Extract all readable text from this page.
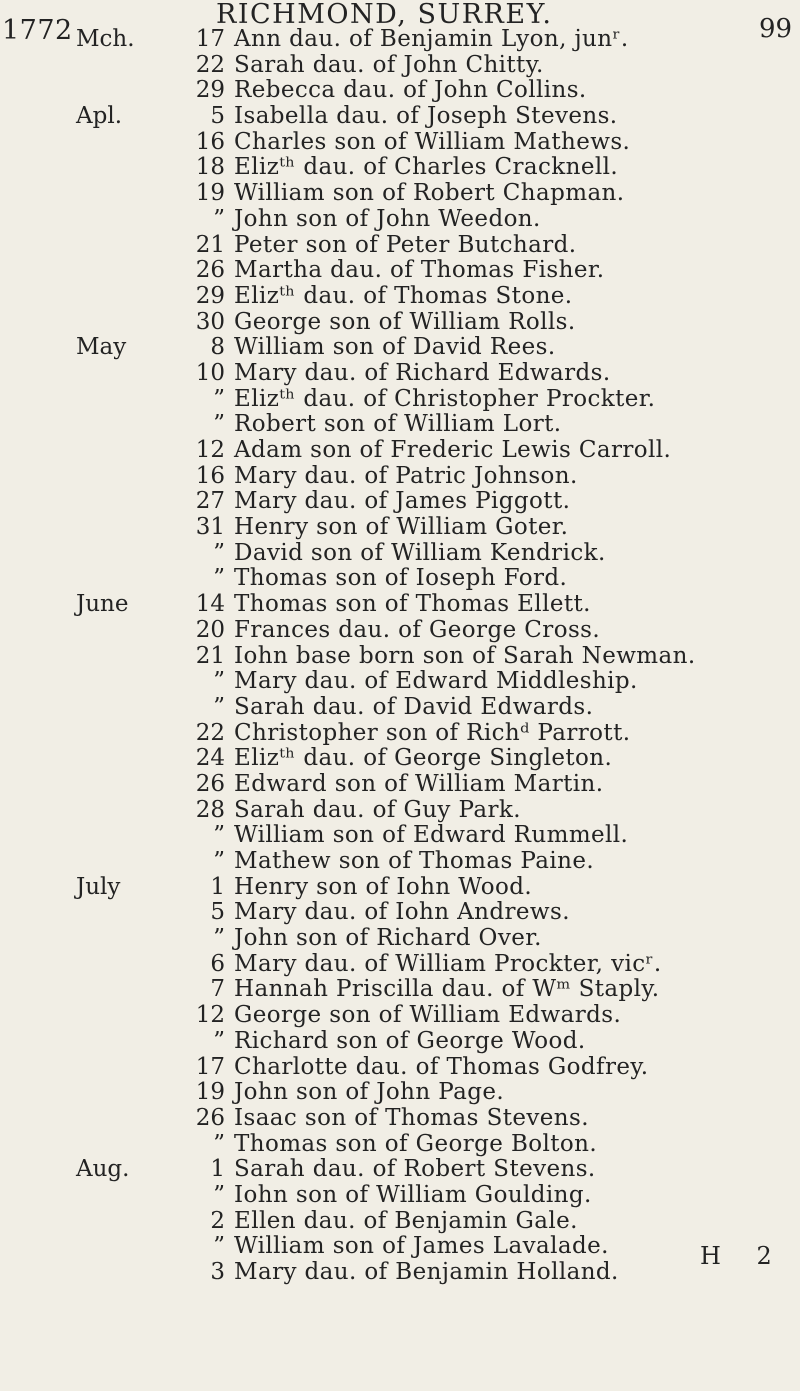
1772
RICHMOND, SURREY.	99
Mch.	17 Ann dau. of Benjamin Lyon, junʳ.
22 Sarah dau. of John Chitty.
29 Rebecca dau. of John Collins.
Apl.	5 Isabella dau. of Joseph Stevens.
16 Charles son of William Mathews.
18 Elizᵗʰ dau. of Charles Cracknell.
19 William son of Robert Chapman.
” John son of John Weedon.
21 Peter son of Peter Butchard.
26 Martha dau. of Thomas Fisher.
29 Elizᵗʰ dau. of Thomas Stone.
30 George son of William Rolls.
May	8 William son of David Rees.
10 Mary dau. of Richard Edwards.
” Elizᵗʰ dau. of Christopher Prockter.
” Robert son of William Lort.
12 Adam son of Frederic Lewis Carroll.
16 Mary dau. of Patric Johnson.
27 Mary dau. of James Piggott.
31 Henry son of William Goter.
” David son of William Kendrick.
” Thomas son of Ioseph Ford.
June	14 Thomas son of Thomas Ellett.
20 Frances dau. of George Cross.
21 Iohn base born son of Sarah Newman.
” Mary dau. of Edward Middleship.
” Sarah dau. of David Edwards.
22 Christopher son of Richᵈ Parrott.
24 Elizᵗʰ dau. of George Singleton.
26 Edward son of William Martin.
28 Sarah dau. of Guy Park.
” William son of Edward Rummell.
” Mathew son of Thomas Paine.
July	1 Henry son of Iohn Wood.
5 Mary dau. of Iohn Andrews.
” John son of Richard Over.
6 Mary dau. of William Prockter, vicʳ.
7 Hannah Priscilla dau. of Wᵐ Staply.
12 George son of William Edwards.
” Richard son of George Wood.
17 Charlotte dau. of Thomas Godfrey.
19 John son of John Page.
26 Isaac son of Thomas Stevens.
” Thomas son of George Bolton.
Aug.	1 Sarah dau. of Robert Stevens.
” Iohn son of William Goulding.
2 Ellen dau. of Benjamin Gale.
” William son of James Lavalade.
3 Mary dau. of Benjamin Holland.
H 2
